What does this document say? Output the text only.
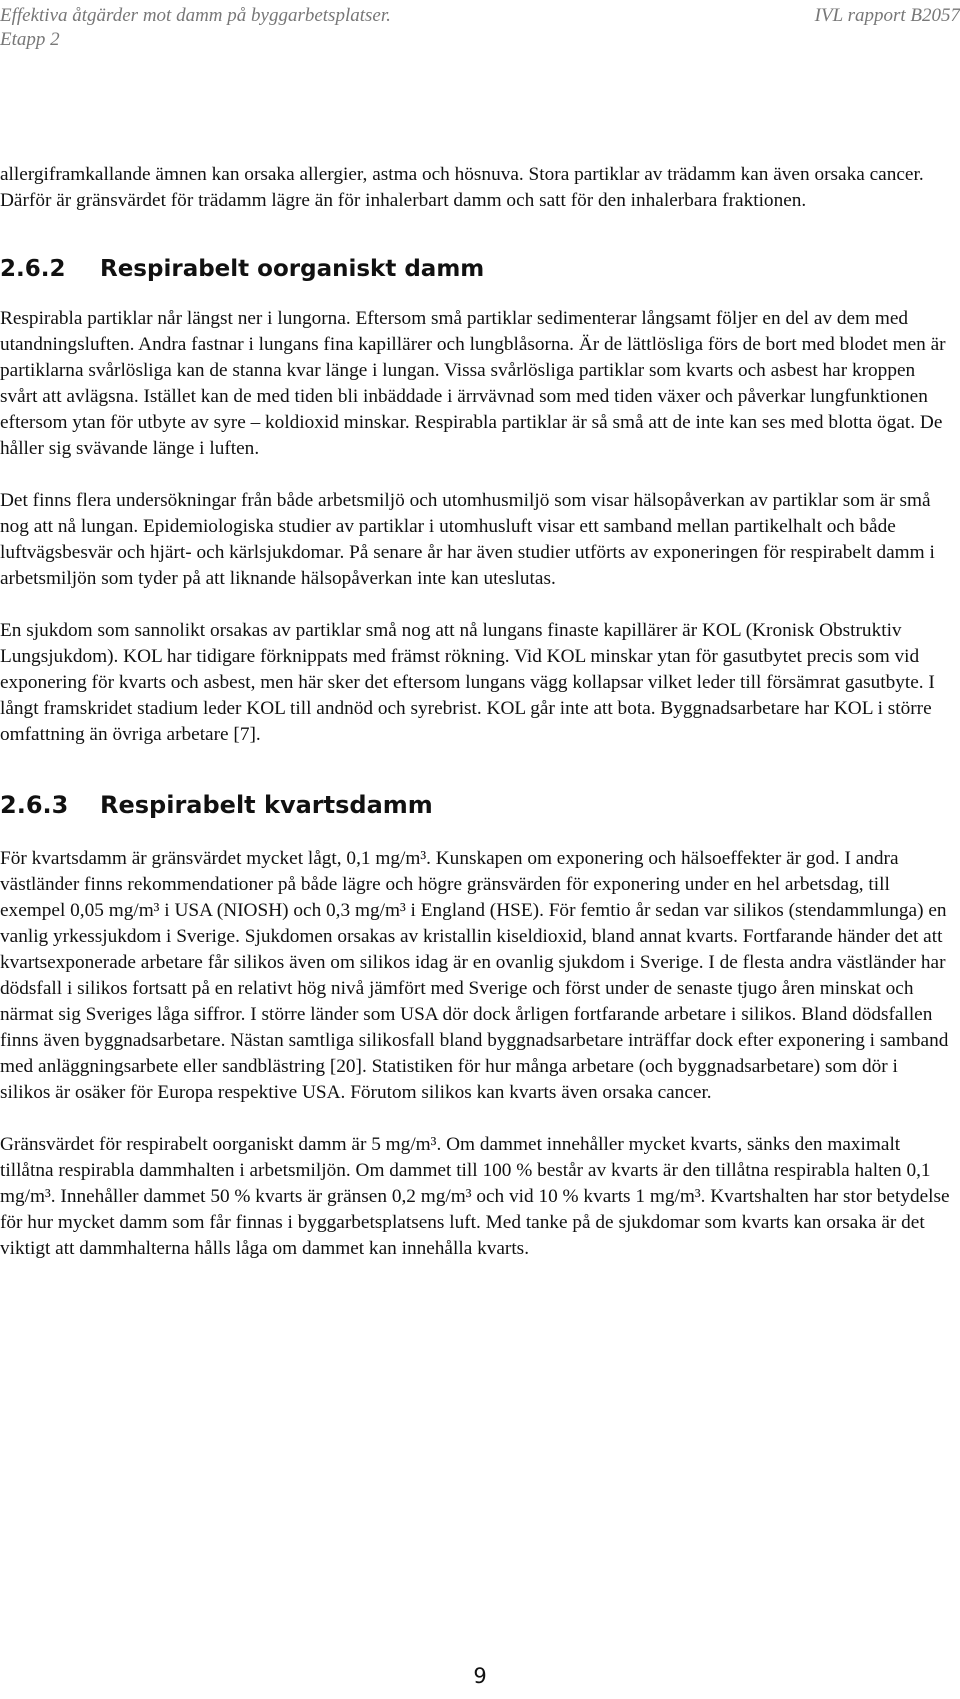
Effektiva åtgärder mot damm på byggarbetsplatser.
Etapp 2
IVL rapport B2057

allergiframkallande ämnen kan orsaka allergier, astma och hösnuva. Stora partiklar av trädamm kan även orsaka cancer. Därför är gränsvärdet för trädamm lägre än för inhalerbart damm och satt för den inhalerbara fraktionen.

2.6.2 Respirabelt oorganiskt damm

Respirabla partiklar når längst ner i lungorna. Eftersom små partiklar sedimenterar långsamt följer en del av dem med utandningsluften. Andra fastnar i lungans fina kapillärer och lungblåsorna. Är de lättlösliga förs de bort med blodet men är partiklarna svårlösliga kan de stanna kvar länge i lungan. Vissa svårlösliga partiklar som kvarts och asbest har kroppen svårt att avlägsna. Istället kan de med tiden bli inbäddade i ärrvävnad som med tiden växer och påverkar lungfunktionen eftersom ytan för utbyte av syre – koldioxid minskar. Respirabla partiklar är så små att de inte kan ses med blotta ögat. De håller sig svävande länge i luften.

Det finns flera undersökningar från både arbetsmiljö och utomhusmiljö som visar hälsopåverkan av partiklar som är små nog att nå lungan. Epidemiologiska studier av partiklar i utomhusluft visar ett samband mellan partikelhalt och både luftvägsbesvär och hjärt- och kärlsjukdomar. På senare år har även studier utförts av exponeringen för respirabelt damm i arbetsmiljön som tyder på att liknande hälsopåverkan inte kan uteslutas.

En sjukdom som sannolikt orsakas av partiklar små nog att nå lungans finaste kapillärer är KOL (Kronisk Obstruktiv Lungsjukdom). KOL har tidigare förknippats med främst rökning. Vid KOL minskar ytan för gasutbytet precis som vid exponering för kvarts och asbest, men här sker det eftersom lungans vägg kollapsar vilket leder till försämrat gasutbyte. I långt framskridet stadium leder KOL till andnöd och syrebrist. KOL går inte att bota. Byggnadsarbetare har KOL i större omfattning än övriga arbetare [7].

2.6.3 Respirabelt kvartsdamm

För kvartsdamm är gränsvärdet mycket lågt, 0,1 mg/m³. Kunskapen om exponering och hälsoeffekter är god. I andra västländer finns rekommendationer på både lägre och högre gränsvärden för exponering under en hel arbetsdag, till exempel 0,05 mg/m³ i USA (NIOSH) och 0,3 mg/m³ i England (HSE). För femtio år sedan var silikos (stendammlunga) en vanlig yrkessjukdom i Sverige. Sjukdomen orsakas av kristallin kiseldioxid, bland annat kvarts. Fortfarande händer det att kvartsexponerade arbetare får silikos även om silikos idag är en ovanlig sjukdom i Sverige. I de flesta andra västländer har dödsfall i silikos fortsatt på en relativt hög nivå jämfört med Sverige och först under de senaste tjugo åren minskat och närmat sig Sveriges låga siffror. I större länder som USA dör dock årligen fortfarande arbetare i silikos. Bland dödsfallen finns även byggnadsarbetare. Nästan samtliga silikosfall bland byggnadsarbetare inträffar dock efter exponering i samband med anläggningsarbete eller sandblästring [20]. Statistiken för hur många arbetare (och byggnadsarbetare) som dör i silikos är osäker för Europa respektive USA. Förutom silikos kan kvarts även orsaka cancer.

Gränsvärdet för respirabelt oorganiskt damm är 5 mg/m³. Om dammet innehåller mycket kvarts, sänks den maximalt tillåtna respirabla dammhalten i arbetsmiljön. Om dammet till 100 % består av kvarts är den tillåtna respirabla halten 0,1 mg/m³. Innehåller dammet 50 % kvarts är gränsen 0,2 mg/m³ och vid 10 % kvarts 1 mg/m³. Kvartshalten har stor betydelse för hur mycket damm som får finnas i byggarbetsplatsens luft. Med tanke på de sjukdomar som kvarts kan orsaka är det viktigt att dammhalterna hålls låga om dammet kan innehålla kvarts.

9
